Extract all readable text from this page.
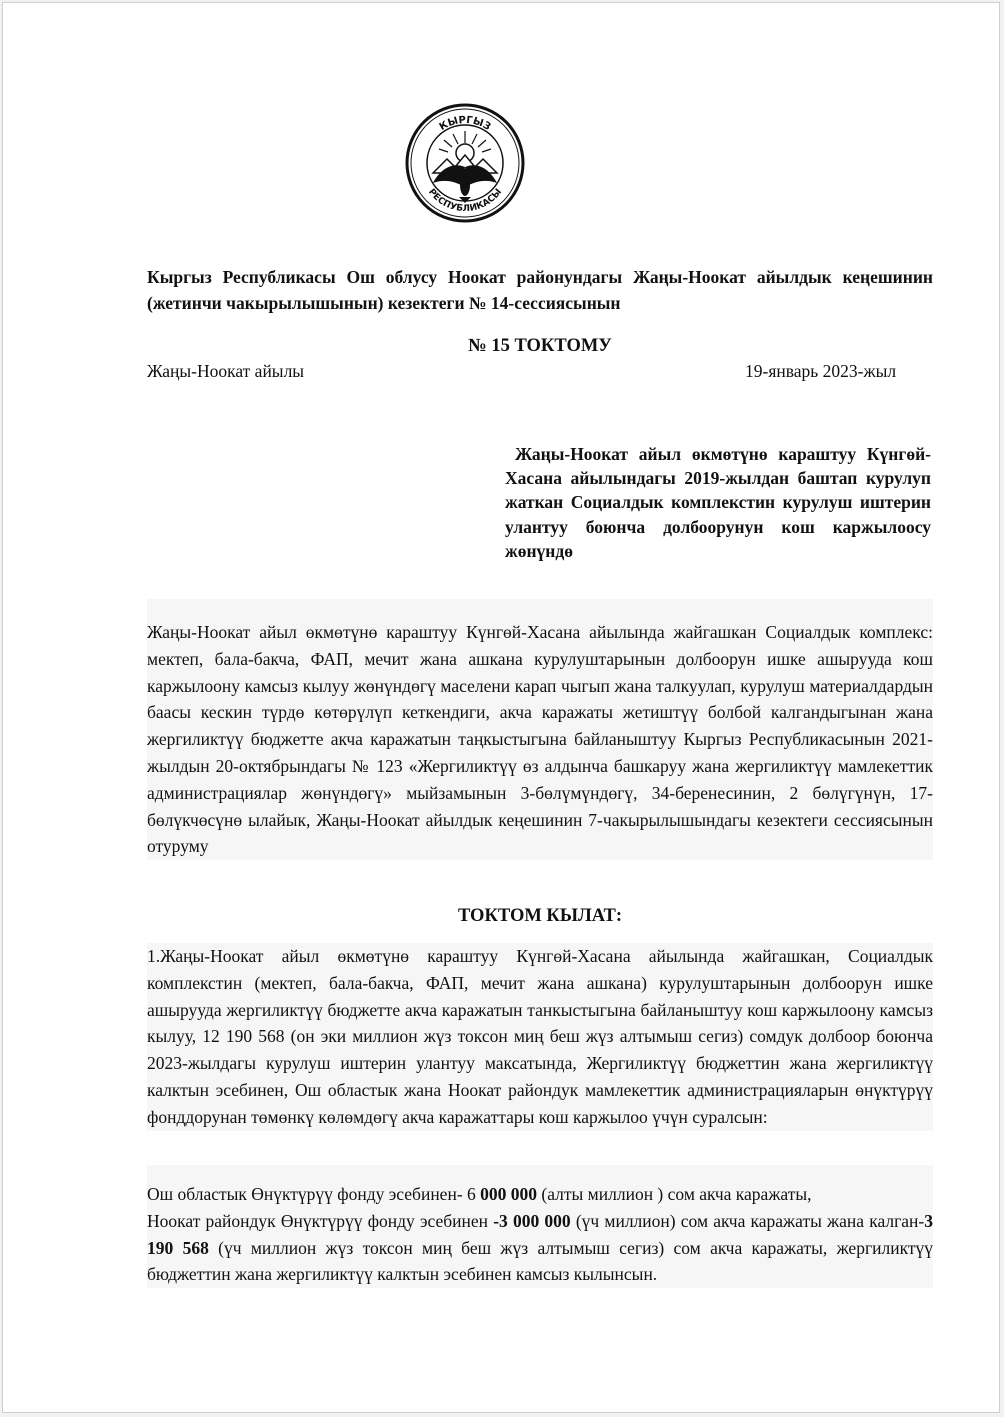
КЫРГЫЗ
РЕСПУБЛИКАСЫ
Кыргыз Республикасы Ош облусу Ноокат районундагы Жаңы-Ноокат айылдык кеңешинин (жетинчи чакырылышынын) кезектеги № 14-сессиясынын
№ 15 ТОКТОМУ
Жаңы-Ноокат айылы	19-январь 2023-жыл
Жаңы-Ноокат айыл өкмөтүнө караштуу Күнгөй-Хасана айылындагы 2019-жылдан баштап курулуп жаткан Социалдык комплекстин курулуш иштерин улантуу боюнча долбоорунун кош каржылоосу жөнүндө

Жаңы-Ноокат айыл өкмөтүнө караштуу Күнгөй-Хасана айылында жайгашкан Социалдык комплекс: мектеп, бала-бакча, ФАП, мечит жана ашкана курулуштарынын долбоорун ишке ашырууда кош каржылоону камсыз кылуу жөнүндөгү маселени карап чыгып жана талкуулап, курулуш материалдардын баасы кескин түрдө көтөрүлүп кеткендиги, акча каражаты жетиштүү болбой калгандыгынан жана жергиликтүү бюджетте акча каражатын таңкыстыгына байланыштуу Кыргыз Республикасынын 2021-жылдын 20-октябрындагы № 123 «Жергиликтүү өз алдынча башкаруу жана жергиликтүү мамлекеттик администрациялар жөнүндөгү» мыйзамынын 3-бөлүмүндөгү, 34-беренесинин, 2 бөлүгүнүн, 17-бөлүкчөсүнө ылайык, Жаңы-Ноокат айылдык кеңешинин 7-чакырылышындагы кезектеги сессиясынын отуруму

ТОКТОМ КЫЛАТ:

1.Жаңы-Ноокат айыл өкмөтүнө караштуу Күнгөй-Хасана айылында жайгашкан, Социалдык комплекстин (мектеп, бала-бакча, ФАП, мечит жана ашкана) курулуштарынын долбоорун ишке ашырууда жергиликтүү бюджетте акча каражатын танкыстыгына байланыштуу кош каржылоону камсыз кылуу, 12 190 568 (он эки миллион жүз токсон миң беш жүз алтымыш сегиз) сомдук долбоор боюнча 2023-жылдагы курулуш иштерин улантуу максатында, Жергиликтүү бюджеттин жана жергиликтүү калктын эсебинен, Ош областык жана Ноокат райондук мамлекеттик администрацияларын өнүктүрүү фонддорунан төмөнкү көлөмдөгү акча каражаттары кош каржылоо үчүн суралсын:

Ош областык Өнүктүрүү фонду эсебинен- 6 000 000 (алты миллион ) сом акча каражаты,
Ноокат райондук Өнүктүрүү фонду эсебинен -3 000 000 (үч миллион) сом акча каражаты жана калган-3 190 568 (үч миллион жүз токсон миң беш жүз алтымыш сегиз) сом акча каражаты, жергиликтүү бюджеттин жана жергиликтүү калктын эсебинен камсыз кылынсын.
